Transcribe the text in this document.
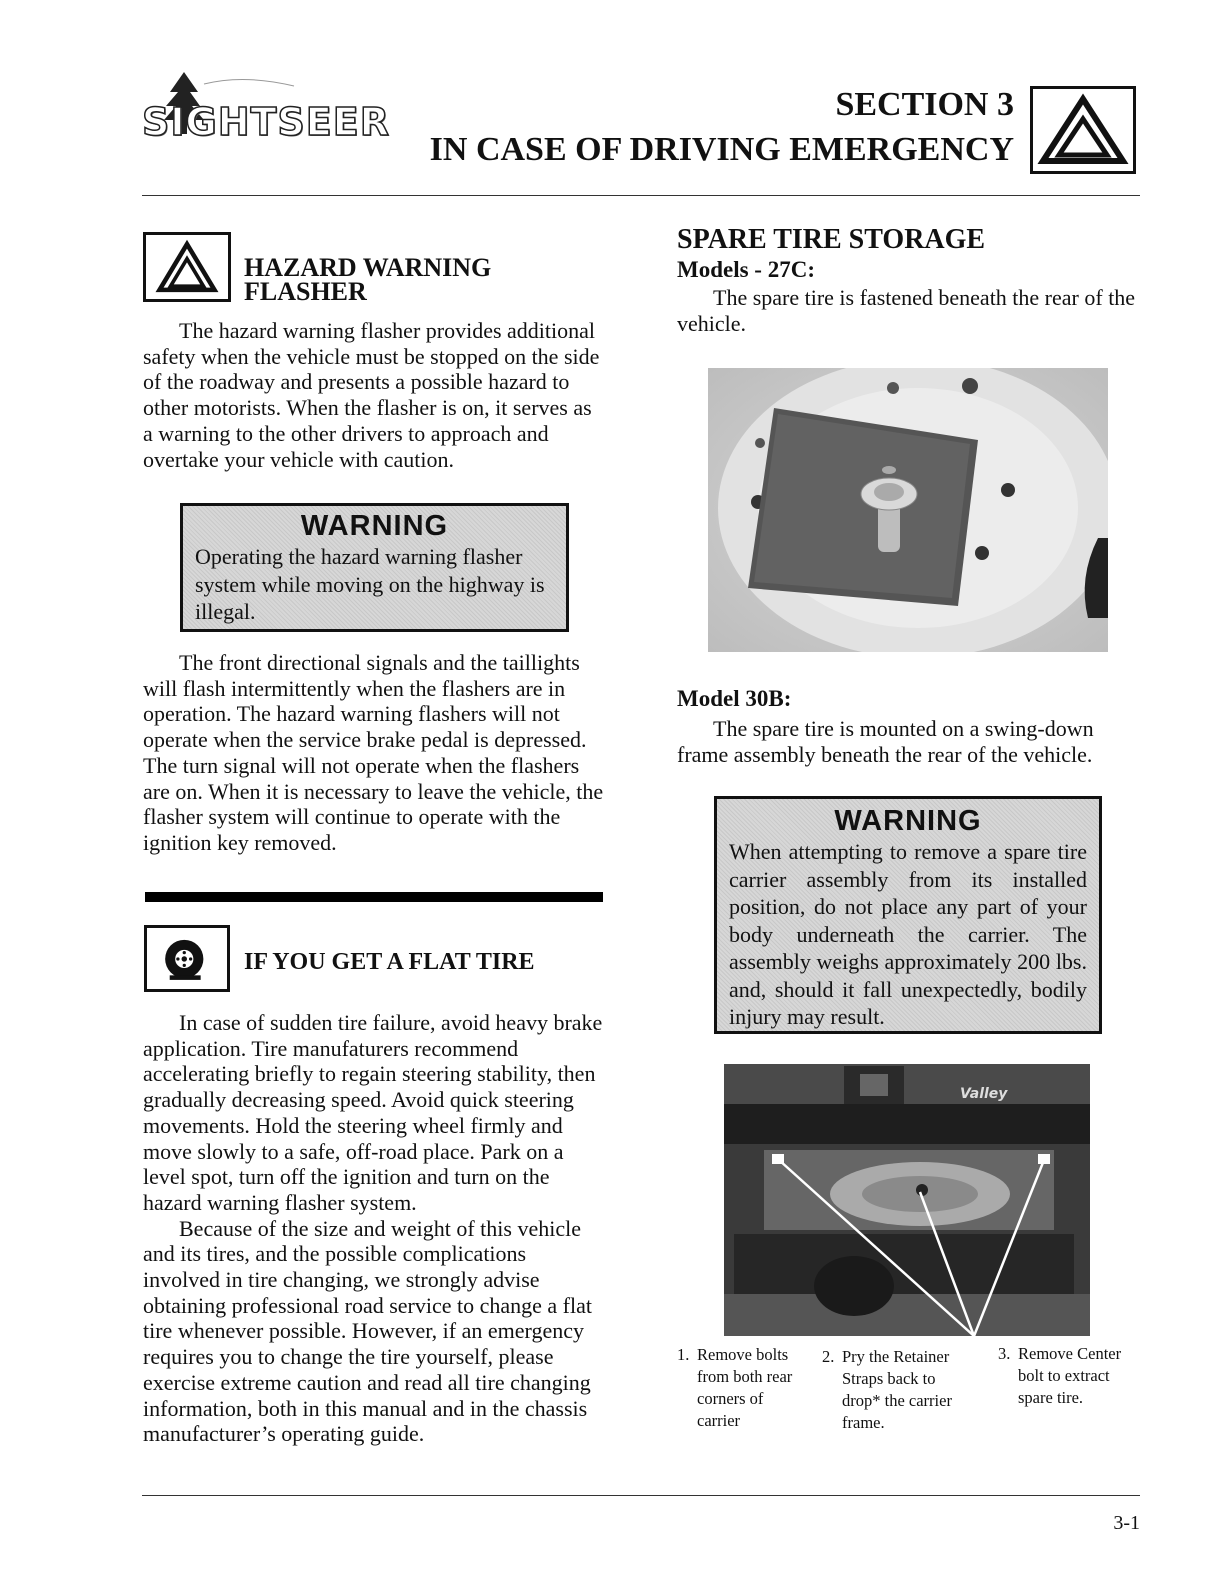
SIGHTSEER	SECTION 3
IN CASE OF DRIVING EMERGENCY
HAZARD WARNING
FLASHER

The hazard warning flasher provides additional safety when the vehicle must be stopped on the side of the roadway and presents a possible hazard to other motorists. When the flasher is on, it serves as a warning to the other drivers to approach and overtake your vehicle with caution.

WARNING
Operating the hazard warning flasher system while moving on the highway is illegal.

The front directional signals and the taillights will flash intermittently when the flashers are in operation. The hazard warning flashers will not operate when the service brake pedal is depressed. The turn signal will not operate when the flashers are on. When it is necessary to leave the vehicle, the flasher system will continue to operate with the ignition key removed.

IF YOU GET A FLAT TIRE

In case of sudden tire failure, avoid heavy brake application. Tire manufaturers recommend accelerating briefly to regain steering stability, then gradually decreasing speed. Avoid quick steering movements. Hold the steering wheel firmly and move slowly to a safe, off-road place. Park on a level spot, turn off the ignition and turn on the hazard warning flasher system.

Because of the size and weight of this vehicle and its tires, and the possible complications involved in tire changing, we strongly advise obtaining professional road service to change a flat tire whenever possible. However, if an emergency requires you to change the tire yourself, please exercise extreme caution and read all tire changing information, both in this manual and in the chassis manufacturer’s operating guide.

SPARE TIRE STORAGE
Models - 27C:

The spare tire is fastened beneath the rear of the vehicle.

Model 30B:

The spare tire is mounted on a swing-down frame assembly beneath the rear of the vehicle.

WARNING
When attempting to remove a spare tire carrier assembly from its installed position, do not place any part of your body underneath the carrier. The assembly weighs approximately 200 lbs. and, should it fall unexpectedly, bodily injury may result.
Valley
1. Remove bolts from both rear corners of carrier
2. Pry the Retainer Straps back to drop* the carrier frame.
3. Remove Center bolt to extract spare tire.
3-1
